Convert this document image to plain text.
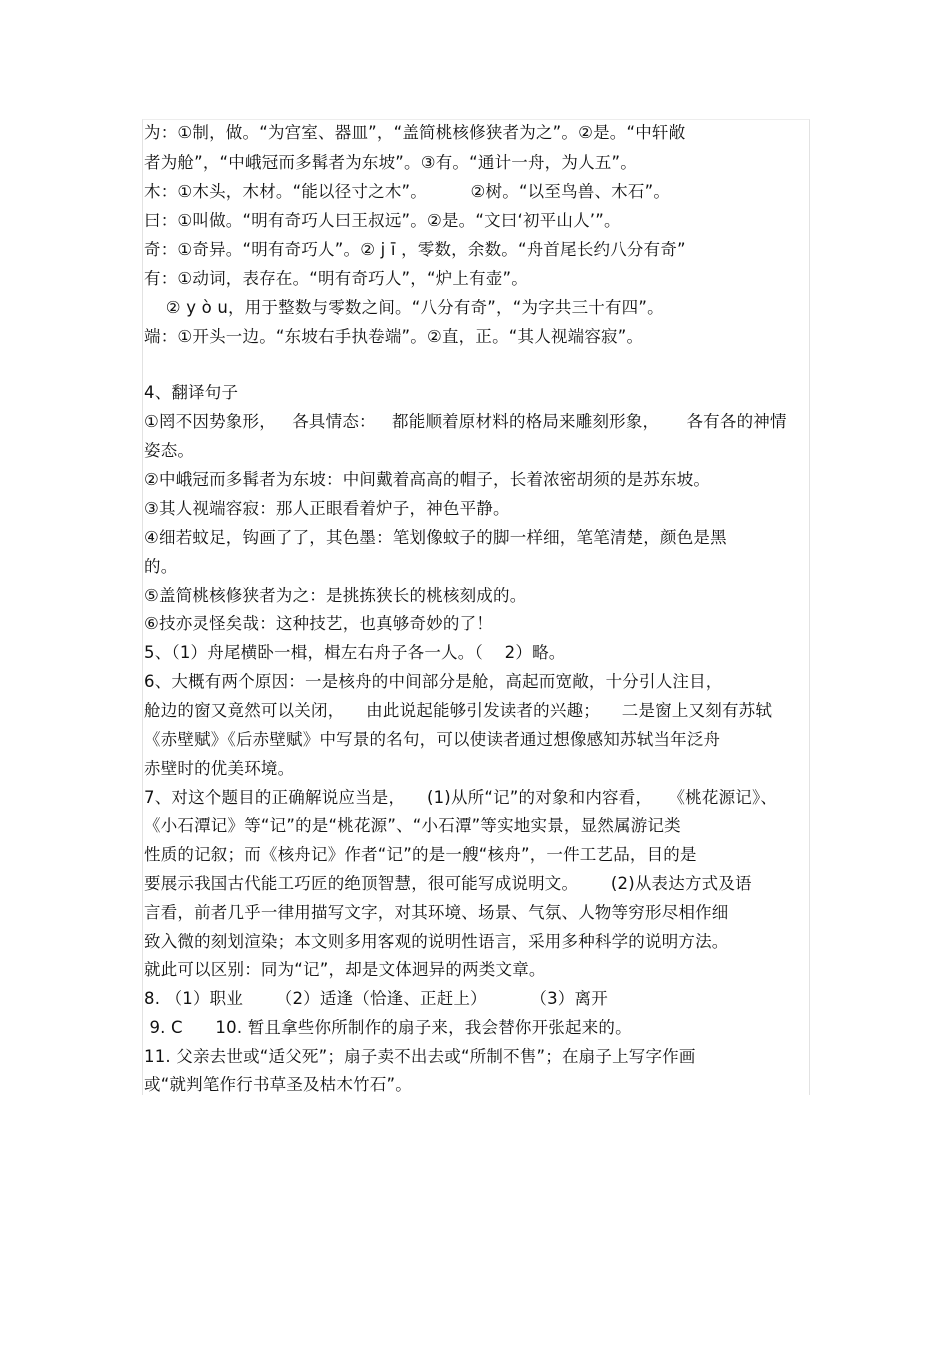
为：①制，做。“为宫室、器皿”，“盖简桃核修狭者为之”。②是。“中轩敞
者为舱”，“中峨冠而多髯者为东坡”。③有。“通计一舟，为人五”。
木：①木头，木材。“能以径寸之木”。        ②树。“以至鸟兽、木石”。
曰：①叫做。“明有奇巧人曰王叔远”。②是。“文曰‘初平山人’”。
奇：①奇异。“明有奇巧人”。② j ī ，零数，余数。“舟首尾长约八分有奇”
有：①动词，表存在。“明有奇巧人”，“炉上有壶”。
② y ò u，用于整数与零数之间。“八分有奇”，“为字共三十有四”。
端：①开头一边。“东坡右手执卷端”。②直，正。“其人视端容寂”。
4、翻译句子
①罔不因势象形，   各具情态：   都能顺着原材料的格局来雕刻形象，     各有各的神情
姿态。
②中峨冠而多髯者为东坡：中间戴着高高的帽子，长着浓密胡须的是苏东坡。
③其人视端容寂：那人正眼看着炉子，神色平静。
④细若蚊足，钩画了了，其色墨：笔划像蚊子的脚一样细，笔笔清楚，颜色是黑
的。
⑤盖简桃核修狭者为之：是挑拣狭长的桃核刻成的。
⑥技亦灵怪矣哉：这种技艺，也真够奇妙的了！
5、（1）舟尾横卧一楫，楫左右舟子各一人。（    2）略。
6、大概有两个原因：一是核舟的中间部分是舱，高起而宽敞，十分引人注目，
舱边的窗又竟然可以关闭，    由此说起能够引发读者的兴趣；    二是窗上又刻有苏轼
《赤壁赋》《后赤壁赋》中写景的名句，可以使读者通过想像感知苏轼当年泛舟
赤壁时的优美环境。
7、对这个题目的正确解说应当是，    (1)从所“记”的对象和内容看，   《桃花源记》、
《小石潭记》等“记”的是“桃花源”、“小石潭”等实地实景，显然属游记类
性质的记叙；而《核舟记》作者“记”的是一艘“核舟”，一件工艺品，目的是
要展示我国古代能工巧匠的绝顶智慧，很可能写成说明文。      (2)从表达方式及语
言看，前者几乎一律用描写文字，对其环境、场景、气氛、人物等穷形尽相作细
致入微的刻划渲染；本文则多用客观的说明性语言，采用多种科学的说明方法。
就此可以区别：同为“记”，却是文体迥异的两类文章。
8. （1）职业      （2）适逢（恰逢、正赶上）        （3）离开
9. C      10. 暂且拿些你所制作的扇子来，我会替你开张起来的。
11. 父亲去世或“适父死”；扇子卖不出去或“所制不售”；在扇子上写字作画
或“就判笔作行书草圣及枯木竹石”。
